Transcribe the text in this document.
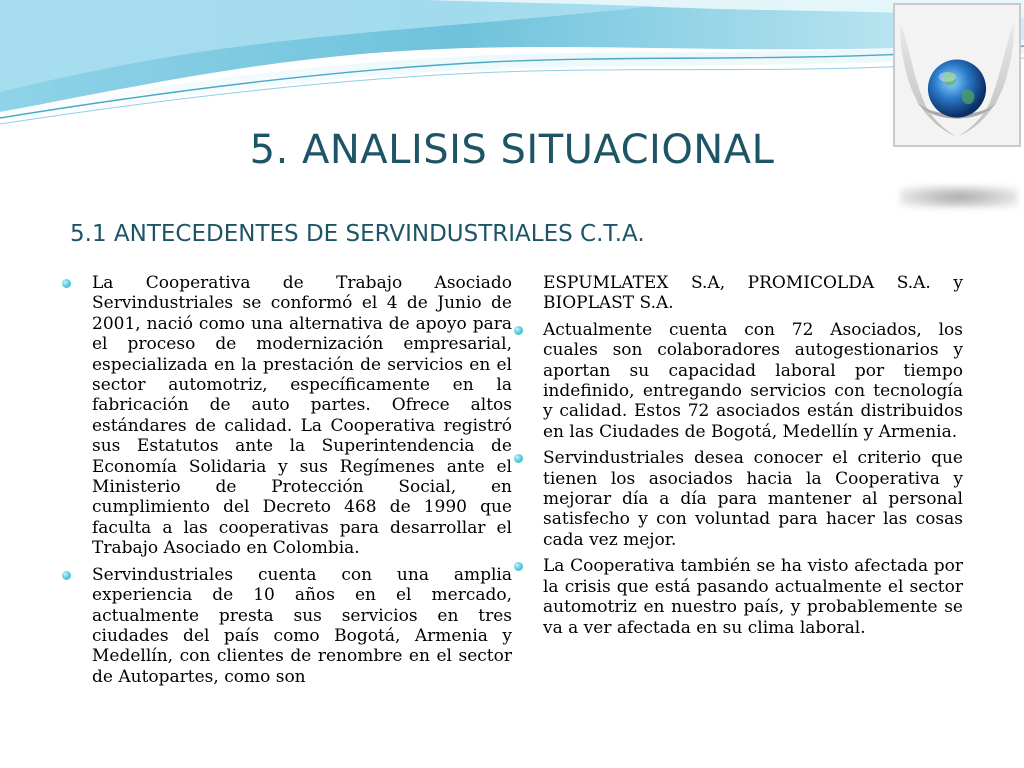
5. ANALISIS SITUACIONAL
5.1 ANTECEDENTES DE SERVINDUSTRIALES C.T.A.
La Cooperativa de Trabajo Asociado Servindustriales se conformó el 4 de Junio de 2001, nació como una alternativa de apoyo para el proceso de modernización empresarial, especializada en la prestación de servicios en el sector automotriz, específicamente en la fabricación de auto partes. Ofrece altos estándares de calidad. La Cooperativa registró sus Estatutos ante la Superintendencia de Economía Solidaria y sus Regímenes ante el Ministerio de Protección Social, en cumplimiento del Decreto 468 de 1990 que faculta a las cooperativas para desarrollar el Trabajo Asociado en Colombia.
Servindustriales cuenta con una amplia experiencia de 10 años en el mercado, actualmente presta sus servicios en tres ciudades del país como Bogotá, Armenia y Medellín, con clientes de renombre en el sector de Autopartes, como son
ESPUMLATEX S.A, PROMICOLDA S.A. y BIOPLAST S.A.
Actualmente cuenta con 72 Asociados, los cuales son colaboradores autogestionarios y aportan su capacidad laboral por tiempo indefinido, entregando servicios con tecnología y calidad. Estos 72 asociados están distribuidos en las Ciudades de Bogotá, Medellín y Armenia.
Servindustriales desea conocer el criterio que tienen los asociados hacia la Cooperativa y mejorar día a día para mantener al personal satisfecho y con voluntad para hacer las cosas cada vez mejor.
La Cooperativa también se ha visto afectada por la crisis que está pasando actualmente el sector automotriz en nuestro país, y probablemente se va a ver afectada en su clima laboral.
